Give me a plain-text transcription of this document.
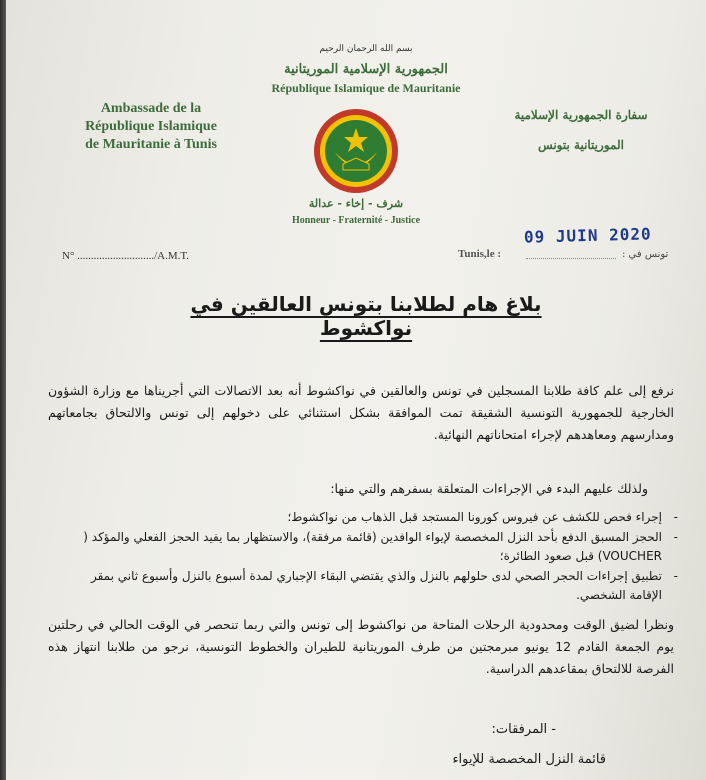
بسم الله الرحمان الرحيم
الجمهورية الإسلامية الموريتانية
République Islamique de Mauritanie
Ambassade de la
République Islamique
de Mauritanie à Tunis
سفارة الجمهورية الإسلامية
الموريتانية بتونس
شرف - إخاء - عدالة
Honneur - Fraternité - Justice
N° ............................/A.M.T.	Tunis,le :
09 JUIN 2020
تونس في :
بلاغ هام لطلابنا بتونس العالقين في نواكشوط
نرفع إلى علم كافة طلابنا المسجلين في تونس والعالقين في نواكشوط أنه بعد الاتصالات التي أجريناها مع وزارة الشؤون الخارجية للجمهورية التونسية الشقيقة تمت الموافقة بشكل استثنائي على دخولهم إلى تونس والالتحاق بجامعاتهم ومدارسهم ومعاهدهم لإجراء امتحاناتهم النهائية.
ولذلك عليهم البدء في الإجراءات المتعلقة بسفرهم والتي منها:
- إجراء فحص للكشف عن فيروس كورونا المستجد قبل الذهاب من نواكشوط؛
- الحجز المسبق الدفع بأحد النزل المخصصة لإيواء الوافدين (قائمة مرفقة)، والاستظهار بما يفيد الحجز الفعلي والمؤكد ( VOUCHER) قبل صعود الطائرة؛
- تطبيق إجراءات الحجر الصحي لدى حلولهم بالنزل والذي يقتضي البقاء الإجباري لمدة أسبوع بالنزل وأسبوع ثاني بمقر الإقامة الشخصي.
ونظرا لضيق الوقت ومحدودية الرحلات المتاحة من نواكشوط إلى تونس والتي ربما تنحصر في الوقت الحالي في رحلتين يوم الجمعة القادم 12 يونيو مبرمجتين من طرف الموريتانية للطيران والخطوط التونسية، نرجو من طلابنا انتهاز هذه الفرصة للالتحاق بمقاعدهم الدراسية.
- المرفقات:
قائمة النزل المخصصة للإيواء
